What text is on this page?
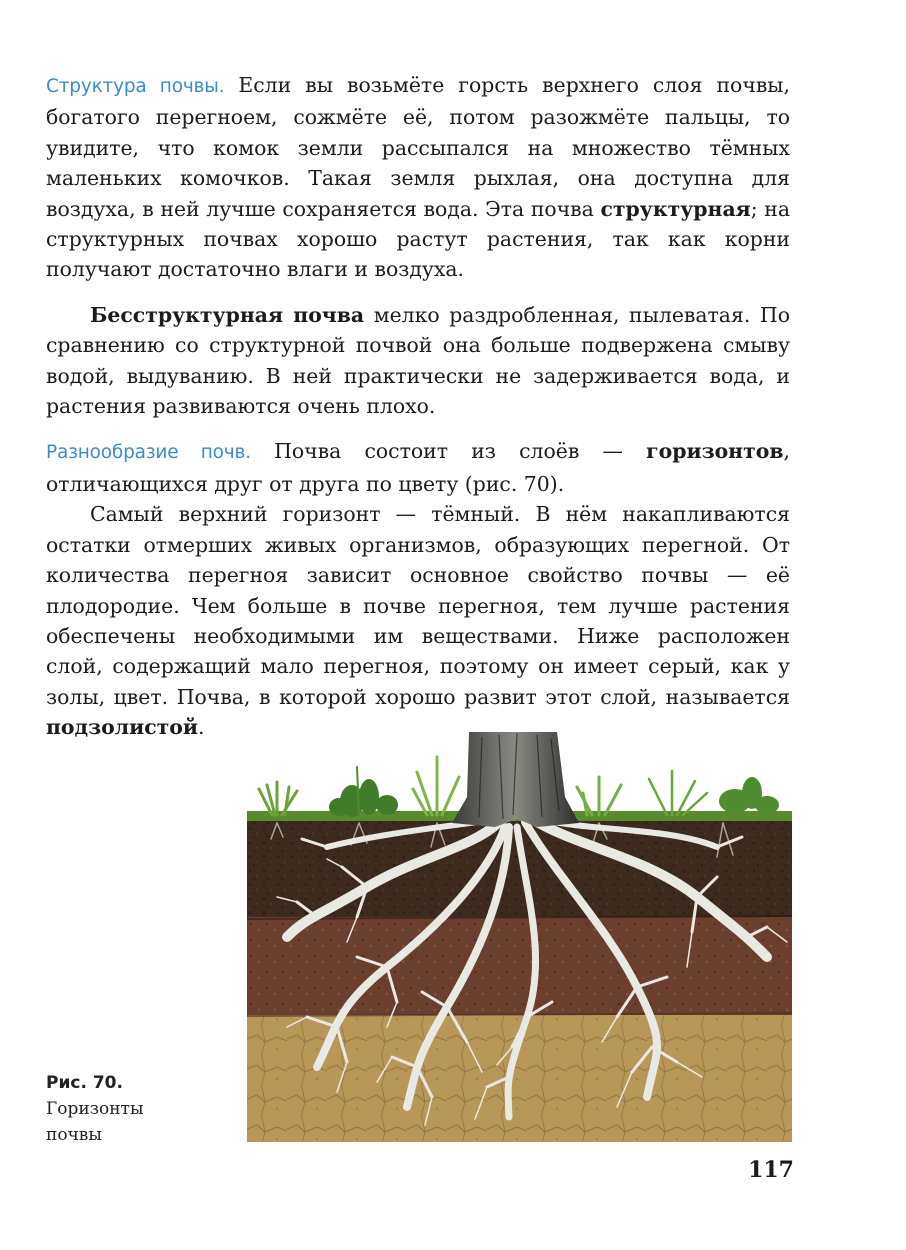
Структура почвы. Если вы возьмёте горсть верхнего слоя почвы, богатого перегноем, сожмёте её, потом разожмёте пальцы, то увидите, что комок земли рассыпался на множество тёмных маленьких комочков. Такая земля рыхлая, она доступна для воздуха, в ней лучше сохраняется вода. Эта почва структурная; на структурных почвах хорошо растут растения, так как корни получают достаточно влаги и воздуха.

Бесструктурная почва мелко раздробленная, пылеватая. По сравнению со структурной почвой она больше подвержена смыву водой, выдуванию. В ней практически не задерживается вода, и растения развиваются очень плохо.

Разнообразие почв. Почва состоит из слоёв — горизонтов, отличающихся друг от друга по цвету (рис. 70).

Самый верхний горизонт — тёмный. В нём накапливаются остатки отмерших живых организмов, образующих перегной. От количества перегноя зависит основное свойство почвы — её плодородие. Чем больше в почве перегноя, тем лучше растения обеспечены необходимыми им веществами. Ниже расположен слой, содержащий мало перегноя, поэтому он имеет серый, как у золы, цвет. Почва, в которой хорошо развит этот слой, называется подзолистой.

Рис. 70.
Горизонты почвы
117
